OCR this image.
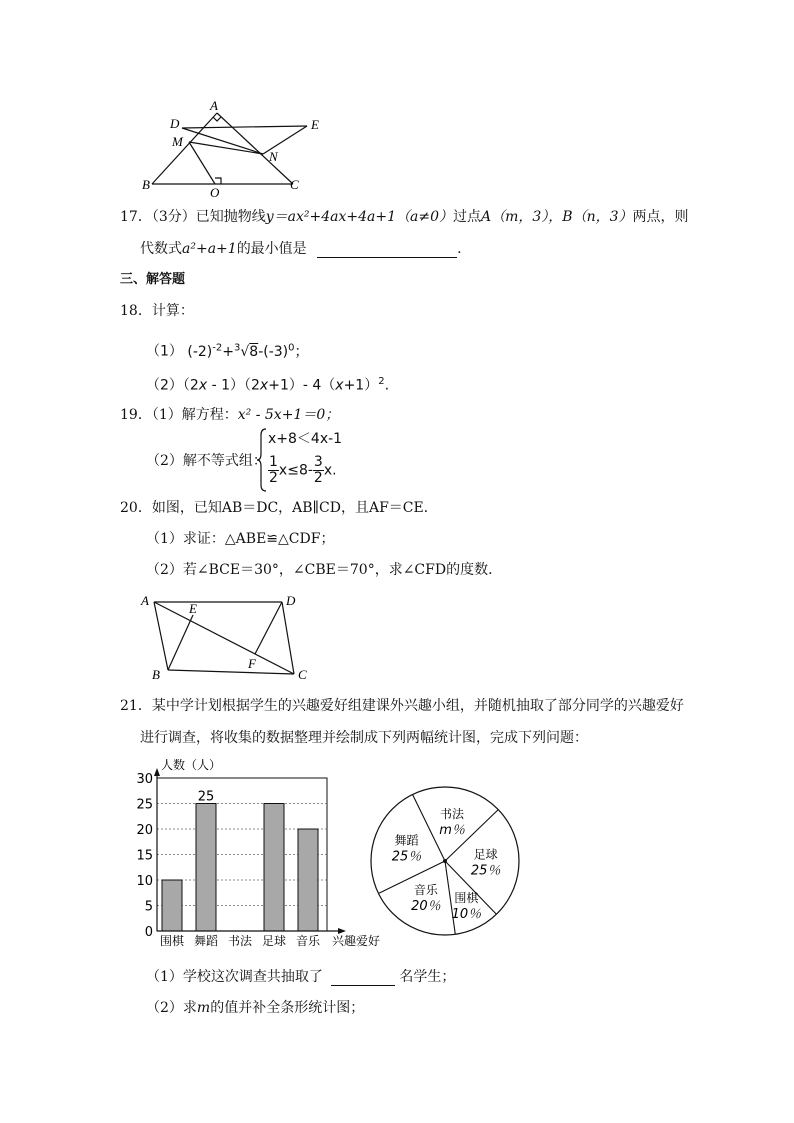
A
D	E
M
N
B
O
C
17．（3分）已知抛物线y＝ax²+4ax+4a+1（a≠0）过点A（m，3），B（n，3）两点，则
代数式a²+a+1的最小值是	.
三、解答题
18．计算：
（1） $(-2)^{-2}+^3√8-(-3)^0$；
（2）（2x - 1）（2x+1）- $4(x+1)^2$.
19．（1）解方程：x² - 5x+1＝0；
（2）解不等式组：
x+8＜4x-1
$\frac{1}{2} x\le 8- \frac{3}{2} x$.
20．如图，已知AB＝DC，AB∥CD，且AF＝CE．
（1）求证：△ABE≌△CDF；
（2）若∠BCE＝30°，∠CBE＝70°，求∠CFD的度数．
A
E
D
B
F
C
21．某中学计划根据学生的兴趣爱好组建课外兴趣小组，并随机抽取了部分同学的兴趣爱好
进行调查，将收集的数据整理并绘制成下列两幅统计图，完成下列问题：
0
5
10
15
20
25
30
围棋 舞蹈 书法 足球 音乐
25
人数（人）
兴趣爱好
书法
m％
足球
25％
围棋
10％
音乐
20％
舞蹈
25％
（1）学校这次调查共抽取了	名学生；
（2）求m的值并补全条形统计图；
